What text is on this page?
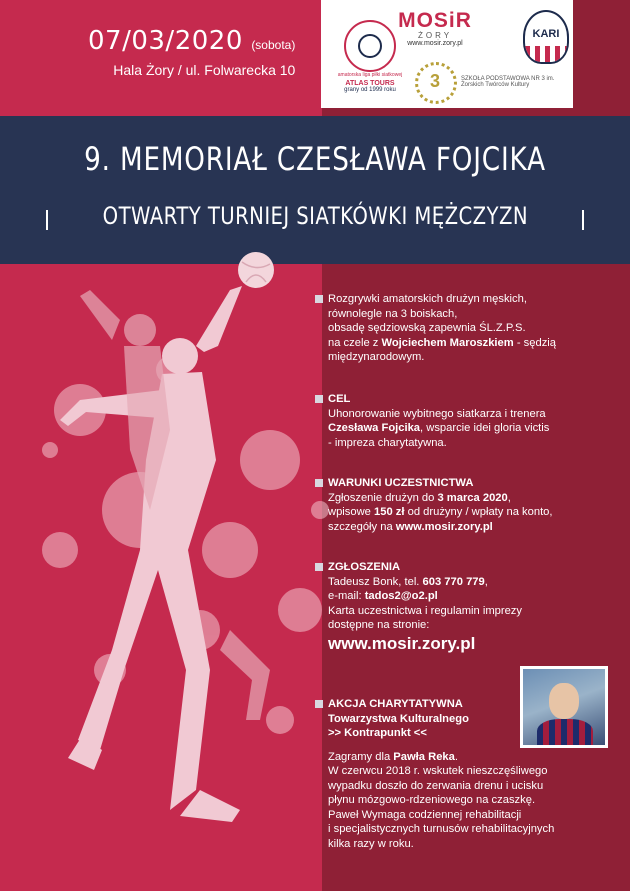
07/03/2020 (sobota)
Hala Żory / ul. Folwarecka 10	amatorska liga piłki siatkowej
ATLAS TOURS
grany od 1999 roku
MOSiR
ŻORY
www.mosir.zory.pl
3	SZKOŁA PODSTAWOWA NR 3 im. Żorskich Twórców Kultury
KARI
9. MEMORIAŁ CZESŁAWA FOJCIKA
OTWARTY TURNIEJ SIATKÓWKI MĘŻCZYZN

Rozgrywki amatorskich drużyn męskich,

równolegle na 3 boiskach,

obsadę sędziowską zapewnia ŚL.Z.P.S.

na czele z Wojciechem Maroszkiem - sędzią

międzynarodowym.

CEL

Uhonorowanie wybitnego siatkarza i trenera

Czesława Fojcika, wsparcie idei gloria victis

- impreza charytatywna.

WARUNKI UCZESTNICTWA

Zgłoszenie drużyn do 3 marca 2020,

wpisowe 150 zł od drużyny / wpłaty na konto,

szczegóły na www.mosir.zory.pl

ZGŁOSZENIA

Tadeusz Bonk, tel. 603 770 779,

e-mail: tados2@o2.pl

Karta uczestnictwa i regulamin imprezy

dostępne na stronie:

www.mosir.zory.pl

AKCJA CHARYTATYWNA

Towarzystwa Kulturalnego

>> Kontrapunkt <<

Zagramy dla Pawła Reka.

W czerwcu 2018 r. wskutek nieszczęśliwego

wypadku doszło do zerwania drenu i ucisku

płynu mózgowo-rdzeniowego na czaszkę.

Paweł Wymaga codziennej rehabilitacji

i specjalistycznych turnusów rehabilitacyjnych

kilka razy w roku.
